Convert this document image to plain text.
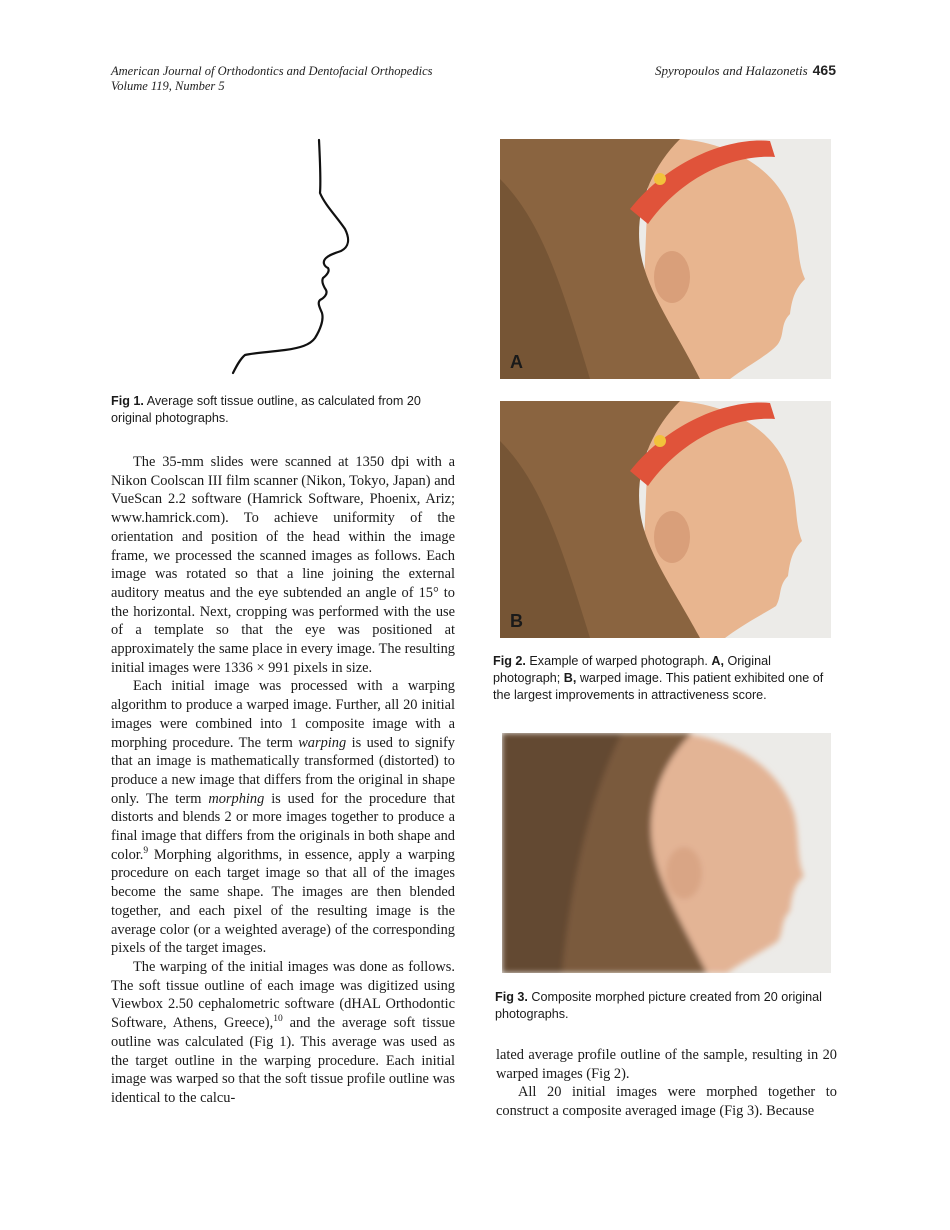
American Journal of Orthodontics and Dentofacial Orthopedics
Volume 119, Number 5
Spyropoulos and Halazonetis 465
Fig 1. Average soft tissue outline, as calculated from 20 original photographs.

The 35-mm slides were scanned at 1350 dpi with a Nikon Coolscan III film scanner (Nikon, Tokyo, Japan) and VueScan 2.2 software (Hamrick Software, Phoenix, Ariz; www.hamrick.com). To achieve uniformity of the orientation and position of the head within the image frame, we processed the scanned images as follows. Each image was rotated so that a line joining the external auditory meatus and the eye subtended an angle of 15° to the horizontal. Next, cropping was performed with the use of a template so that the eye was positioned at approximately the same place in every image. The resulting initial images were 1336 × 991 pixels in size.

Each initial image was processed with a warping algorithm to produce a warped image. Further, all 20 initial images were combined into 1 composite image with a morphing procedure. The term warping is used to signify that an image is mathematically transformed (distorted) to produce a new image that differs from the original in shape only. The term morphing is used for the procedure that distorts and blends 2 or more images together to produce a final image that differs from the originals in both shape and color.$^9$ Morphing algorithms, in essence, apply a warping procedure on each target image so that all of the images become the same shape. The images are then blended together, and each pixel of the resulting image is the average color (or a weighted average) of the corresponding pixels of the target images.

The warping of the initial images was done as follows. The soft tissue outline of each image was digitized using Viewbox 2.50 cephalometric software (dHAL Orthodontic Software, Athens, Greece),$^{10}$ and the average soft tissue outline was calculated (Fig 1). This average was used as the target outline in the warping procedure. Each initial image was warped so that the soft tissue profile outline was identical to the calcu-

A
B
Fig 2. Example of warped photograph. A, Original photograph; B, warped image. This patient exhibited one of the largest improvements in attractiveness score.
Fig 3. Composite morphed picture created from 20 original photographs.

lated average profile outline of the sample, resulting in 20 warped images (Fig 2).

All 20 initial images were morphed together to construct a composite averaged image (Fig 3). Because
